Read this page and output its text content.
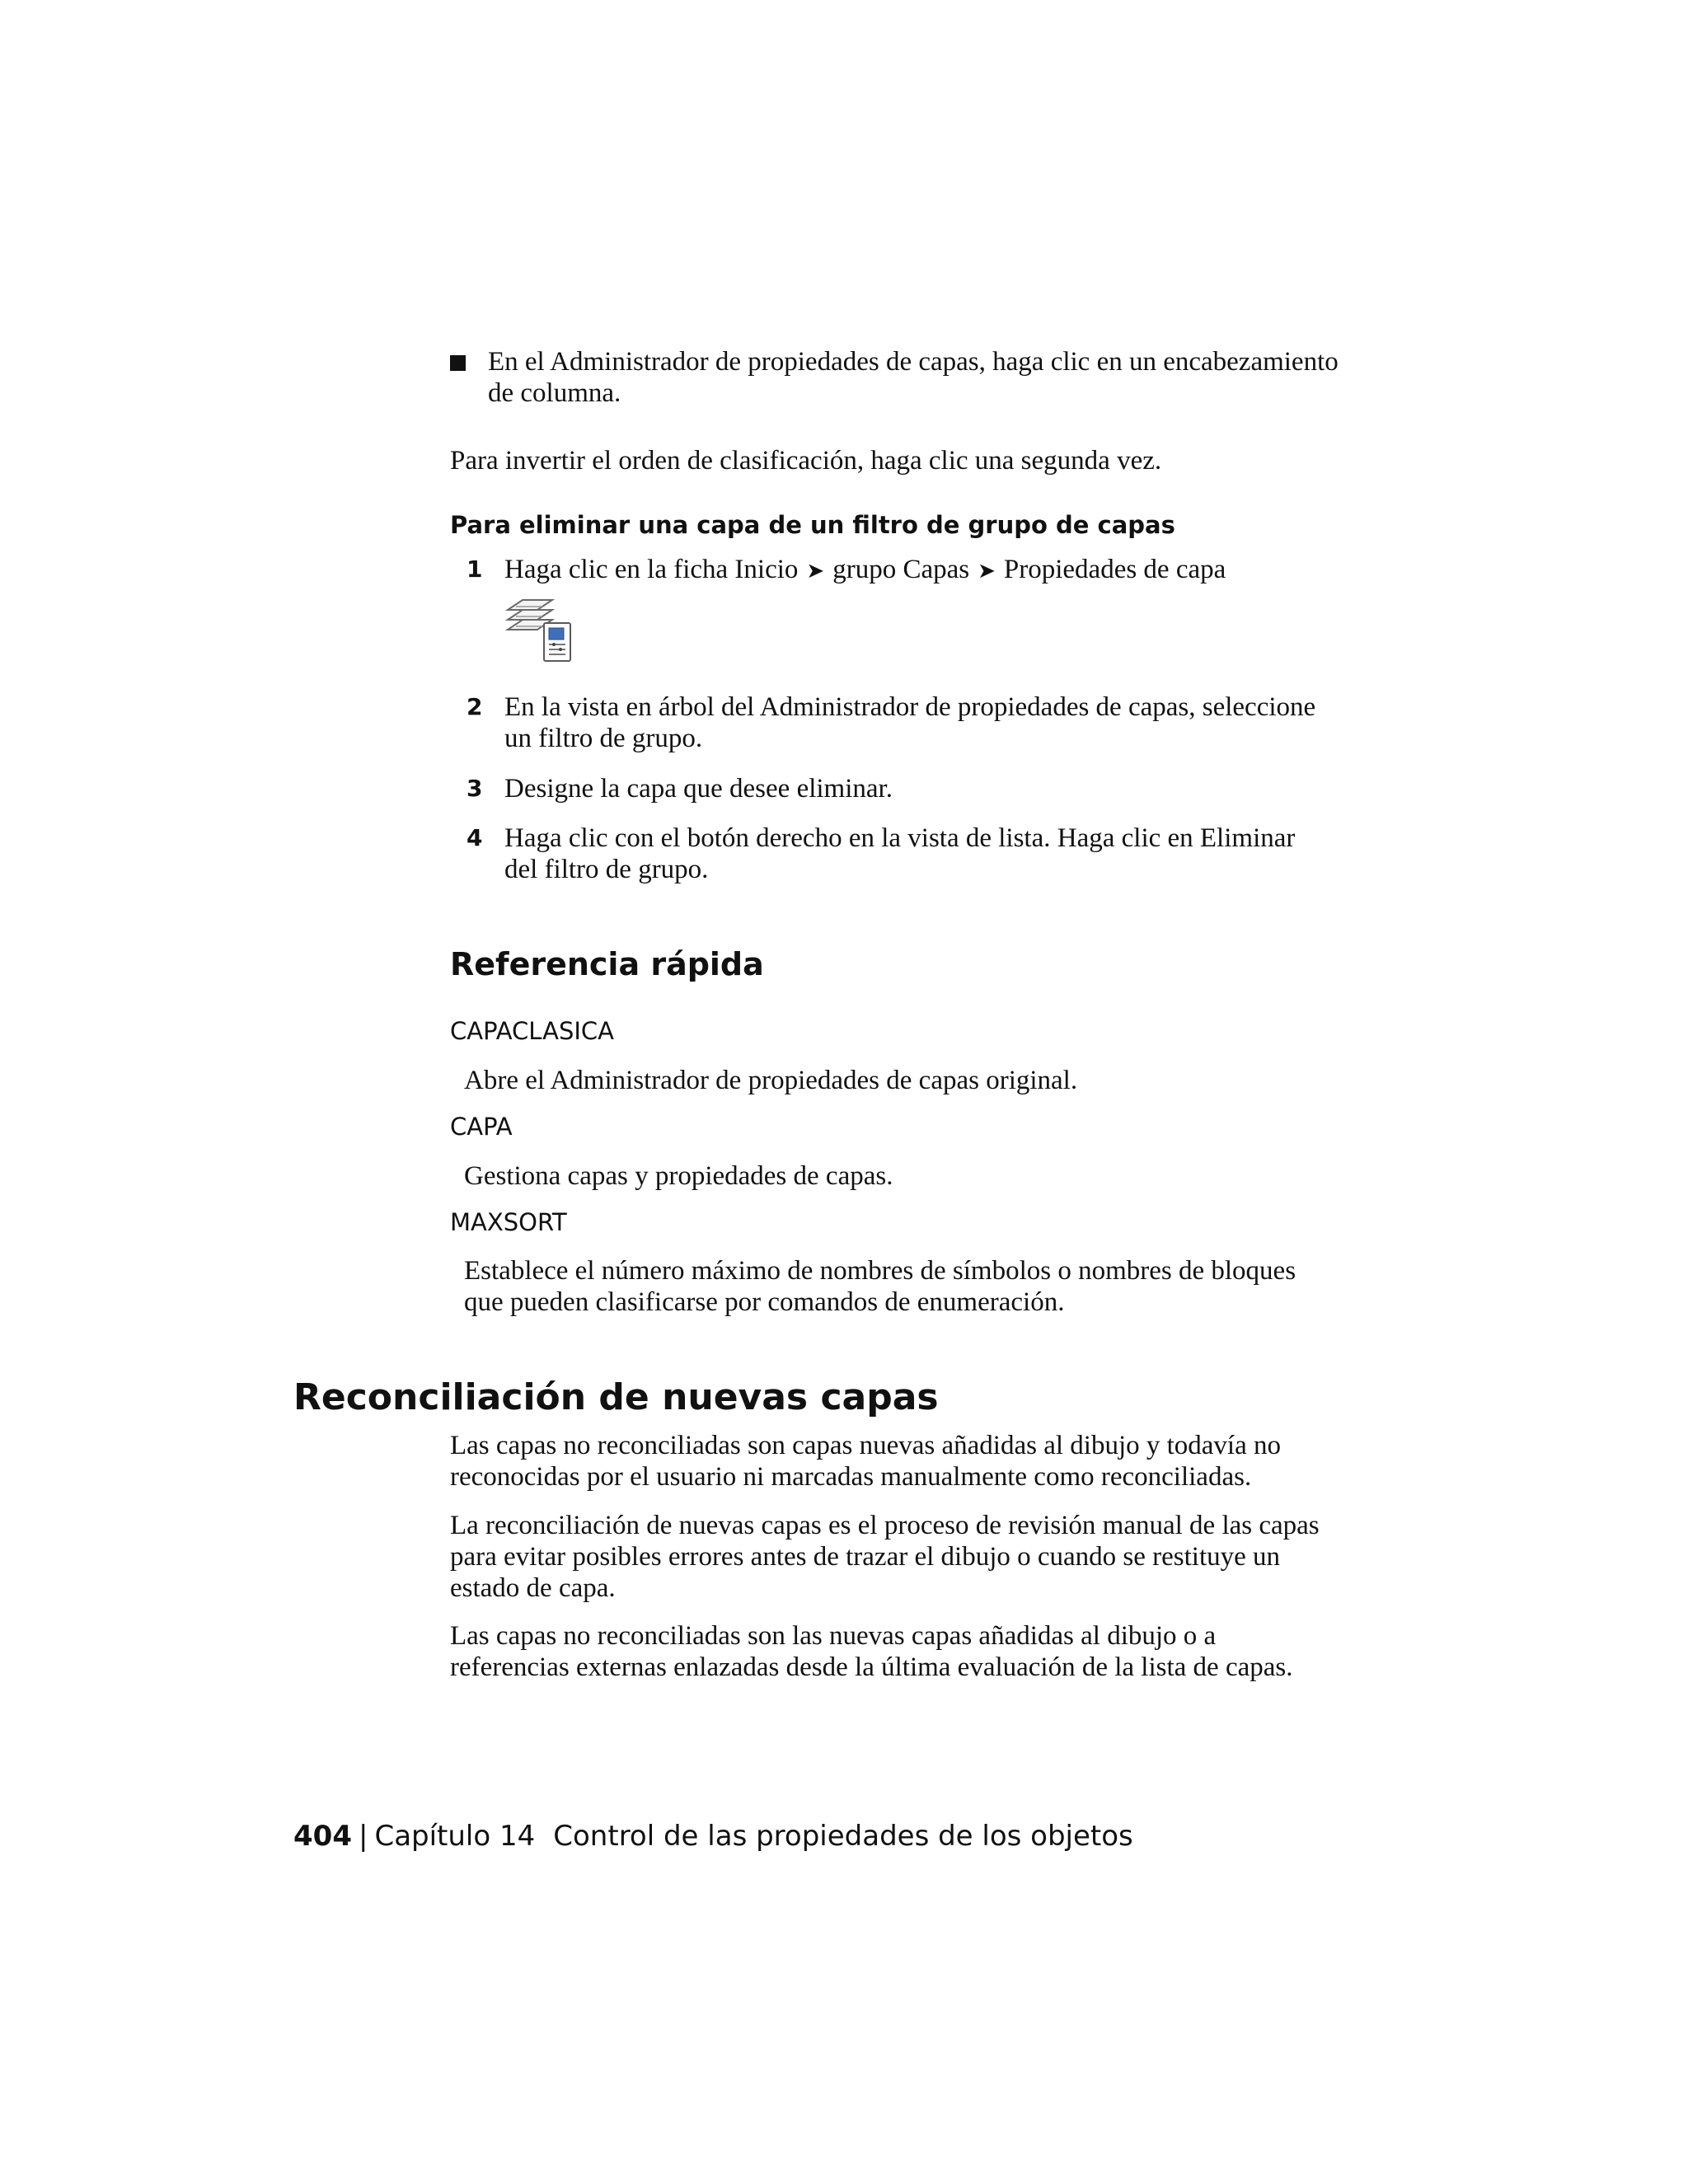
En el Administrador de propiedades de capas, haga clic en un encabezamiento de columna.
Para invertir el orden de clasificación, haga clic una segunda vez.
Para eliminar una capa de un filtro de grupo de capas
1 Haga clic en la ficha Inicio ➤ grupo Capas ➤ Propiedades de capa
2 En la vista en árbol del Administrador de propiedades de capas, seleccione un filtro de grupo.
3 Designe la capa que desee eliminar.
4 Haga clic con el botón derecho en la vista de lista. Haga clic en Eliminar del filtro de grupo.
Referencia rápida
CAPACLASICA
Abre el Administrador de propiedades de capas original.
CAPA
Gestiona capas y propiedades de capas.
MAXSORT
Establece el número máximo de nombres de símbolos o nombres de bloques que pueden clasificarse por comandos de enumeración.
Reconciliación de nuevas capas
Las capas no reconciliadas son capas nuevas añadidas al dibujo y todavía no reconocidas por el usuario ni marcadas manualmente como reconciliadas.
La reconciliación de nuevas capas es el proceso de revisión manual de las capas para evitar posibles errores antes de trazar el dibujo o cuando se restituye un estado de capa.
Las capas no reconciliadas son las nuevas capas añadidas al dibujo o a referencias externas enlazadas desde la última evaluación de la lista de capas.
404 | Capítulo 14 Control de las propiedades de los objetos
